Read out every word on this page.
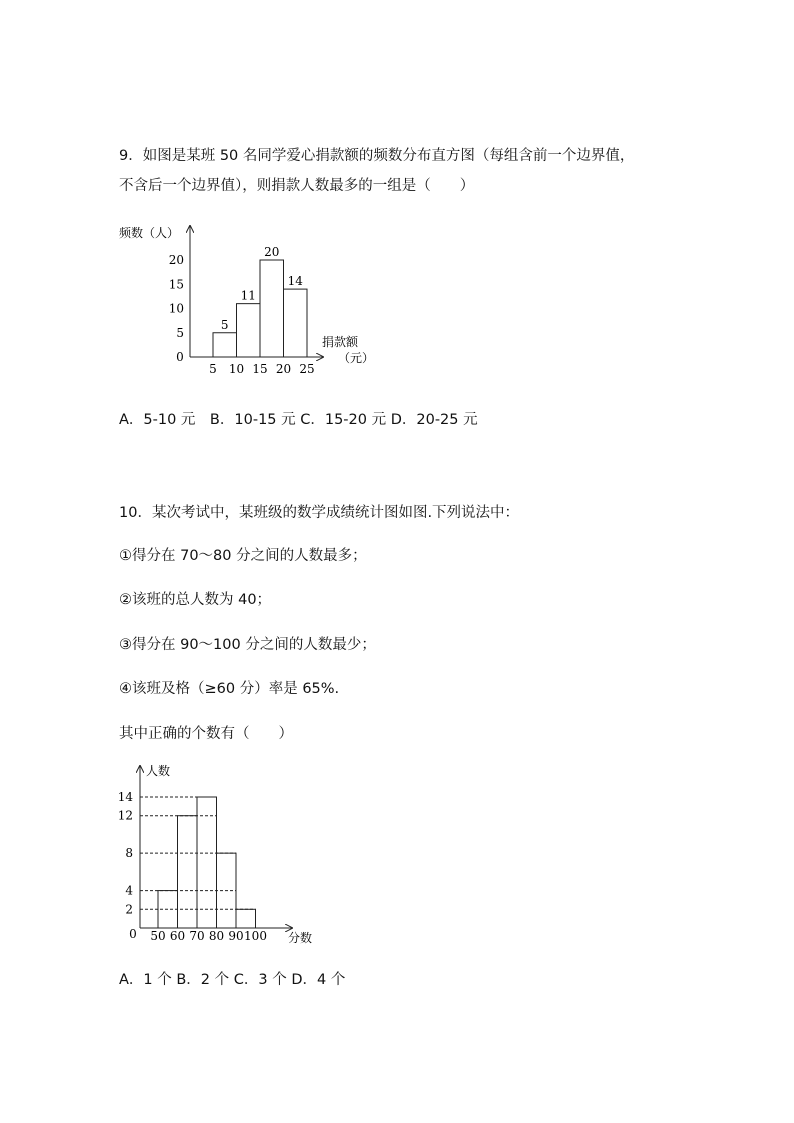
9．如图是某班 50 名同学爱心捐款额的频数分布直方图（每组含前一个边界值，
不含后一个边界值），则捐款人数最多的一组是（　　）
频数（人）
捐款额
（元）
0
20
15
10
5
5 10 15 20 25
5
11
20
14
A．5-10 元　B．10-15 元 C．15-20 元 D．20-25 元
10．某次考试中，某班级的数学成绩统计图如图.下列说法中：
①得分在 70～80 分之间的人数最多；
②该班的总人数为 40；
③得分在 90～100 分之间的人数最少；
④该班及格（≥60 分）率是 65%.
其中正确的个数有（　　）
人数
分数
0
14
12
8
4
2
50 60 70 80 90 100
A．1 个 B．2 个 C．3 个 D．4 个
